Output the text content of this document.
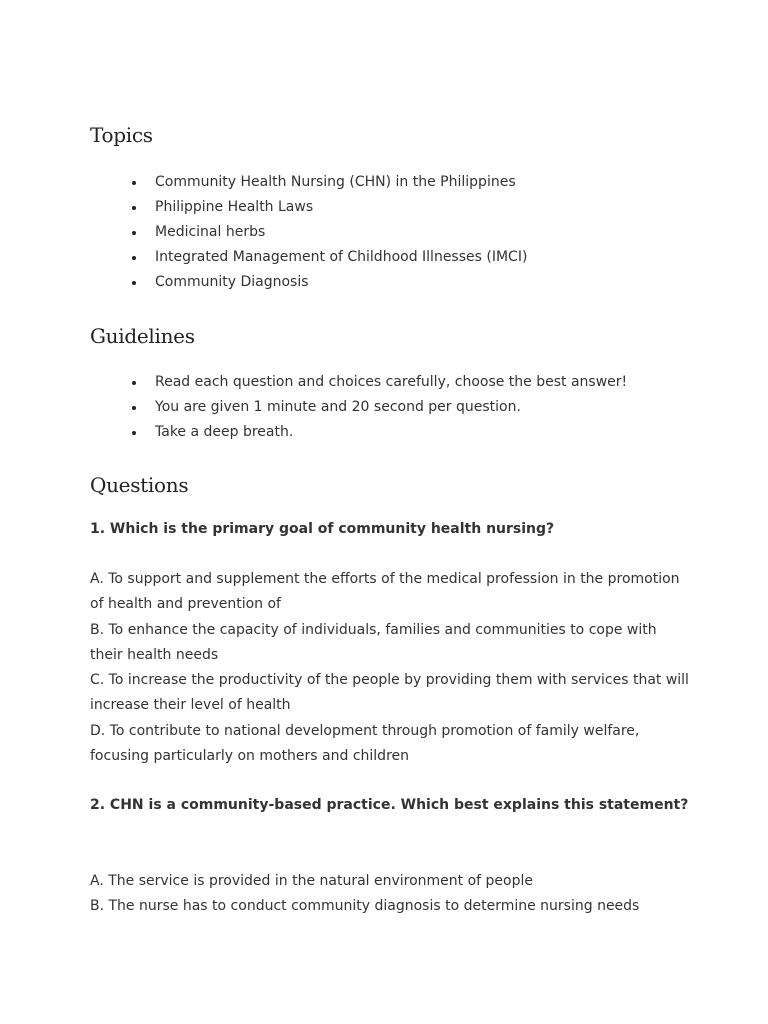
Topics
Community Health Nursing (CHN) in the Philippines
Philippine Health Laws
Medicinal herbs
Integrated Management of Childhood Illnesses (IMCI)
Community Diagnosis
Guidelines
Read each question and choices carefully, choose the best answer!
You are given 1 minute and 20 second per question.
Take a deep breath.
Questions

1. Which is the primary goal of community health nursing?

A. To support and supplement the efforts of the medical profession in the promotion of health and prevention of
B. To enhance the capacity of individuals, families and communities to cope with their health needs
C. To increase the productivity of the people by providing them with services that will increase their level of health
D. To contribute to national development through promotion of family welfare, focusing particularly on mothers and children

2. CHN is a community-based practice. Which best explains this statement?

A. The service is provided in the natural environment of people
B. The nurse has to conduct community diagnosis to determine nursing needs
